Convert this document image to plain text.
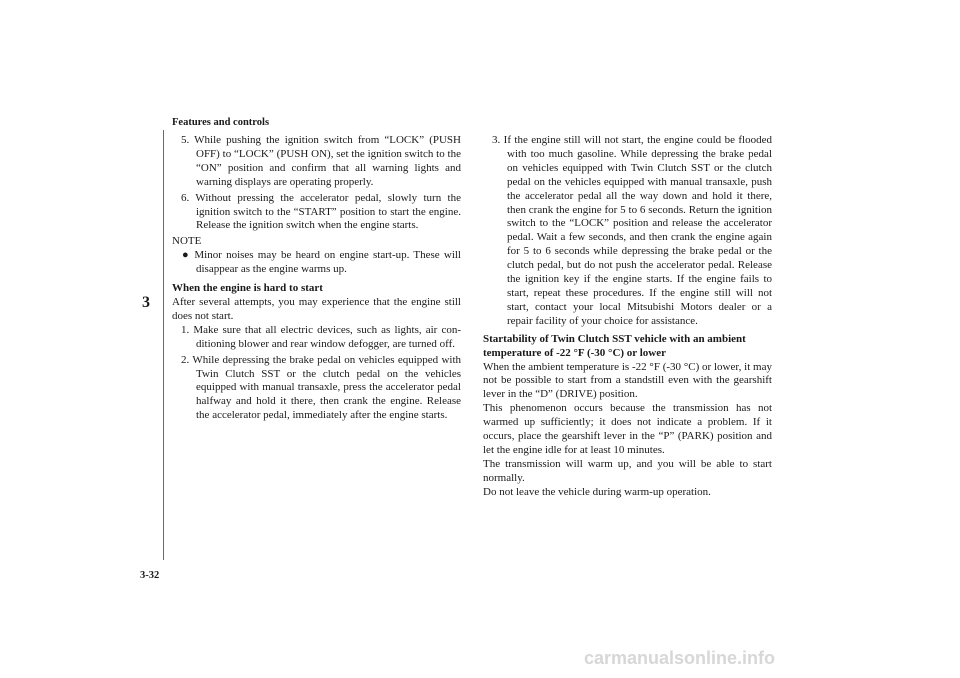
Features and controls
3
3-32

5. While pushing the ignition switch from “LOCK” (PUSH OFF) to “LOCK” (PUSH ON), set the ignition switch to the “ON” position and confirm that all warning lights and warning displays are operating properly.

6. Without pressing the accelerator pedal, slowly turn the ignition switch to the “START” position to start the engine. Release the ignition switch when the engine starts.

NOTE

● Minor noises may be heard on engine start-up. These will disappear as the engine warms up.

When the engine is hard to start

After several attempts, you may experience that the engine still does not start.

1. Make sure that all electric devices, such as lights, air con-ditioning blower and rear window defogger, are turned off.

2. While depressing the brake pedal on vehicles equipped with Twin Clutch SST or the clutch pedal on the vehicles equipped with manual transaxle, press the accelerator pedal halfway and hold it there, then crank the engine. Release the accelerator pedal, immediately after the engine starts.

3. If the engine still will not start, the engine could be flooded with too much gasoline. While depressing the brake pedal on vehicles equipped with Twin Clutch SST or the clutch pedal on the vehicles equipped with manual transaxle, push the accelerator pedal all the way down and hold it there, then crank the engine for 5 to 6 seconds. Return the ignition switch to the “LOCK” position and release the accelerator pedal. Wait a few seconds, and then crank the engine again for 5 to 6 seconds while depressing the brake pedal or the clutch pedal, but do not push the accelerator pedal. Release the ignition key if the engine starts. If the engine fails to start, repeat these procedures. If the engine still will not start, contact your local Mitsubishi Motors dealer or a repair facility of your choice for assistance.

Startability of Twin Clutch SST vehicle with an ambient temperature of -22 °F (-30 °C) or lower

When the ambient temperature is -22 °F (-30 °C) or lower, it may not be possible to start from a standstill even with the gearshift lever in the “D” (DRIVE) position.

This phenomenon occurs because the transmission has not warmed up sufficiently; it does not indicate a problem. If it occurs, place the gearshift lever in the “P” (PARK) position and let the engine idle for at least 10 minutes.

The transmission will warm up, and you will be able to start normally.

Do not leave the vehicle during warm-up operation.

carmanualsonline.info
